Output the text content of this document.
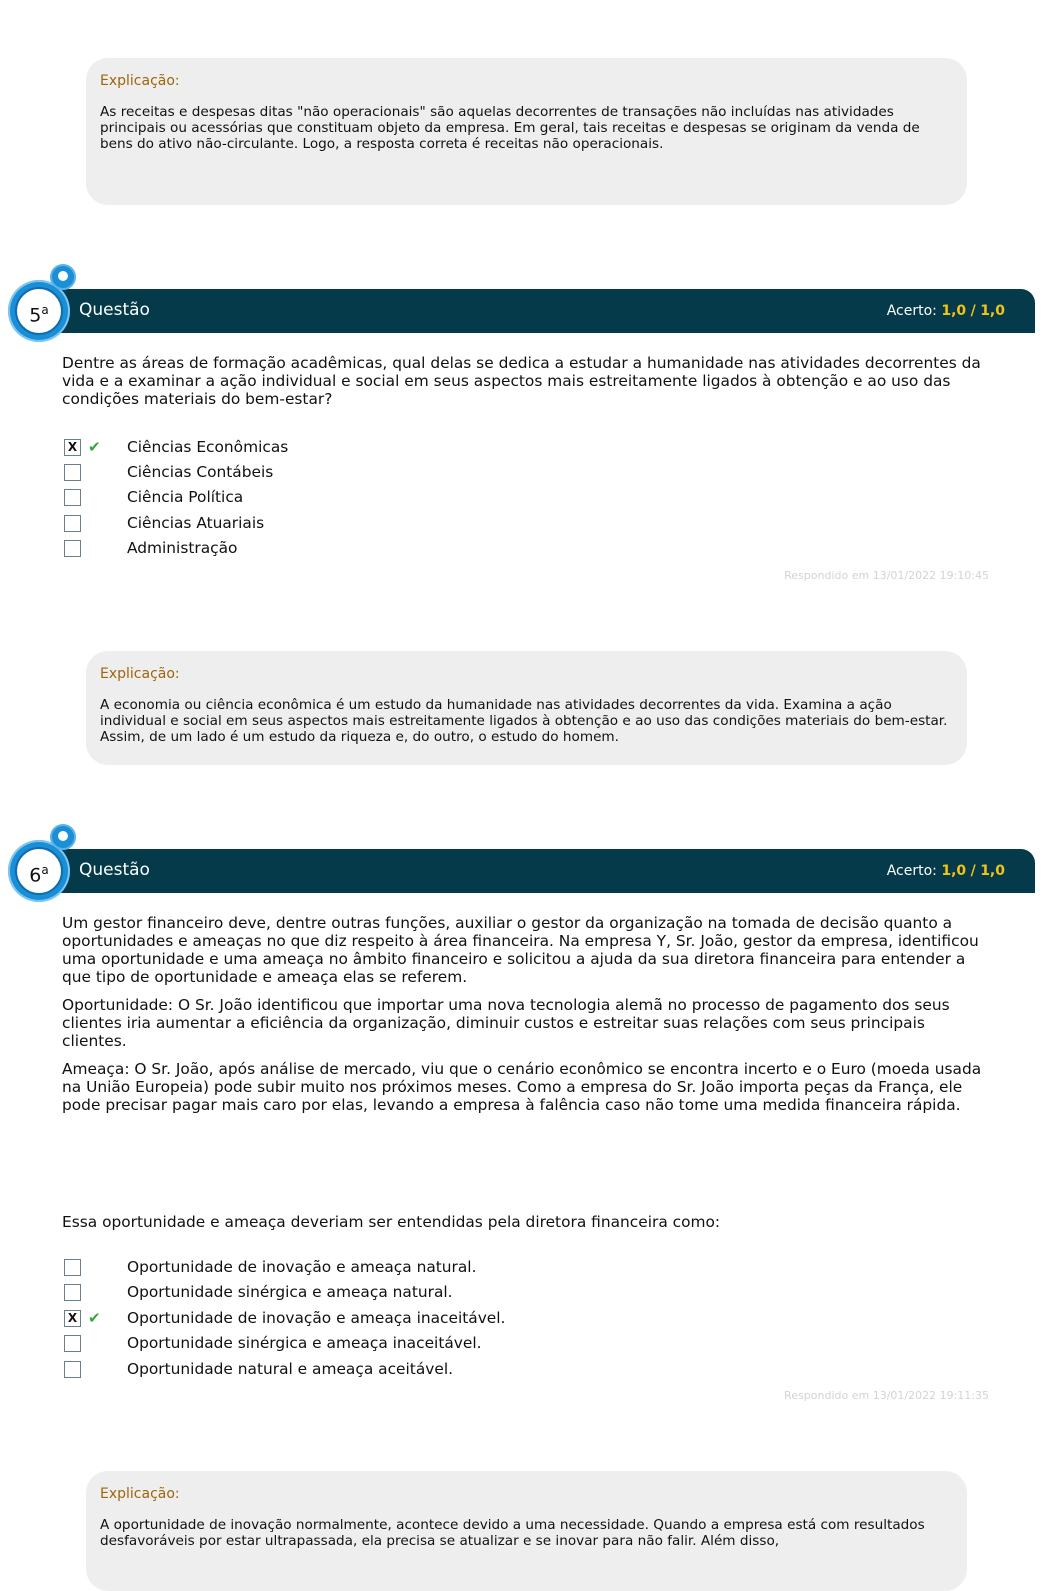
Explicação:
As receitas e despesas ditas "não operacionais" são aquelas decorrentes de transações não incluídas nas atividades principais ou acessórias que constituam objeto da empresa. Em geral, tais receitas e despesas se originam da venda de bens do ativo não-circulante. Logo, a resposta correta é receitas não operacionais.
Questão	Acerto: 1,0 / 1,0
5$^a$

Dentre as áreas de formação acadêmicas, qual delas se dedica a estudar a humanidade nas atividades decorrentes da vida e a examinar a ação individual e social em seus aspectos mais estreitamente ligados à obtenção e ao uso das condições materiais do bem-estar?

X ✔ Ciências Econômicas
Ciências Contábeis
Ciência Política
Ciências Atuariais
Administração
Respondido em 13/01/2022 19:10:45
Explicação:
A economia ou ciência econômica é um estudo da humanidade nas atividades decorrentes da vida. Examina a ação individual e social em seus aspectos mais estreitamente ligados à obtenção e ao uso das condições materiais do bem-estar. Assim, de um lado é um estudo da riqueza e, do outro, o estudo do homem.
Questão	Acerto: 1,0 / 1,0
6$^a$

Um gestor financeiro deve, dentre outras funções, auxiliar o gestor da organização na tomada de decisão quanto a oportunidades e ameaças no que diz respeito à área financeira. Na empresa Y, Sr. João, gestor da empresa, identificou uma oportunidade e uma ameaça no âmbito financeiro e solicitou a ajuda da sua diretora financeira para entender a que tipo de oportunidade e ameaça elas se referem.

Oportunidade: O Sr. João identificou que importar uma nova tecnologia alemã no processo de pagamento dos seus clientes iria aumentar a eficiência da organização, diminuir custos e estreitar suas relações com seus principais clientes.

Ameaça: O Sr. João, após análise de mercado, viu que o cenário econômico se encontra incerto e o Euro (moeda usada na União Europeia) pode subir muito nos próximos meses. Como a empresa do Sr. João importa peças da França, ele pode precisar pagar mais caro por elas, levando a empresa à falência caso não tome uma medida financeira rápida.

Essa oportunidade e ameaça deveriam ser entendidas pela diretora financeira como:

Oportunidade de inovação e ameaça natural.
Oportunidade sinérgica e ameaça natural.
X ✔ Oportunidade de inovação e ameaça inaceitável.
Oportunidade sinérgica e ameaça inaceitável.
Oportunidade natural e ameaça aceitável.
Respondido em 13/01/2022 19:11:35
Explicação:
A oportunidade de inovação normalmente, acontece devido a uma necessidade. Quando a empresa está com resultados desfavoráveis por estar ultrapassada, ela precisa se atualizar e se inovar para não falir. Além disso,
